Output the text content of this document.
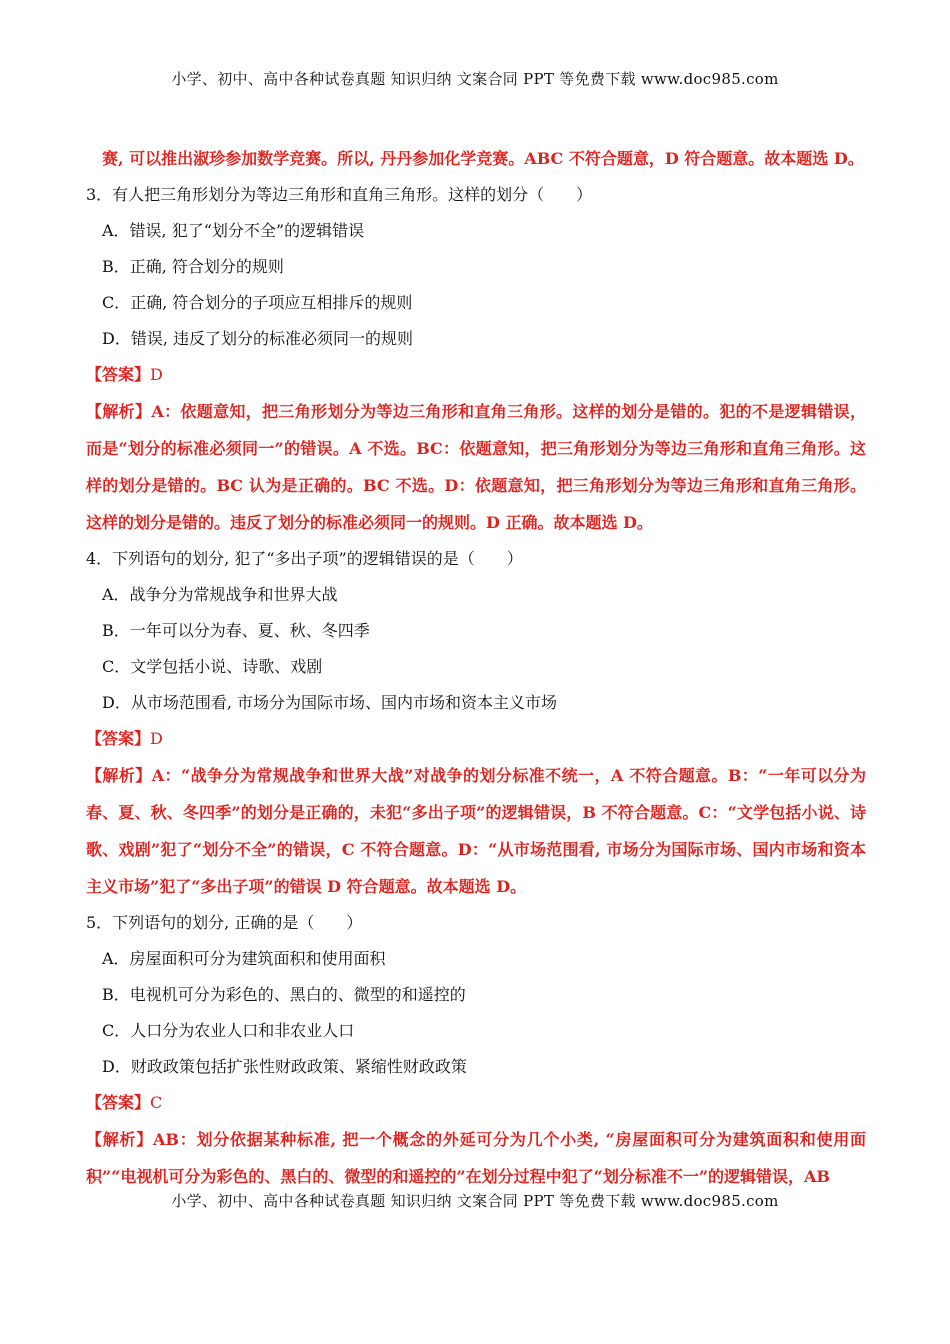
小学、初中、高中各种试卷真题 知识归纳 文案合同 PPT 等免费下载 www.doc985.com
赛, 可以推出淑珍参加数学竞赛。所以, 丹丹参加化学竞赛。ABC 不符合题意，D 符合题意。故本题选 D。
3．有人把三角形划分为等边三角形和直角三角形。这样的划分（　　）
A．错误, 犯了“划分不全”的逻辑错误
B．正确, 符合划分的规则
C．正确, 符合划分的子项应互相排斥的规则
D．错误, 违反了划分的标准必须同一的规则
【答案】D
【解析】A：依题意知，把三角形划分为等边三角形和直角三角形。这样的划分是错的。犯的不是逻辑错误，而是“划分的标准必须同一”的错误。A 不选。BC：依题意知，把三角形划分为等边三角形和直角三角形。这样的划分是错的。BC 认为是正确的。BC 不选。D：依题意知，把三角形划分为等边三角形和直角三角形。这样的划分是错的。违反了划分的标准必须同一的规则。D 正确。故本题选 D。
4．下列语句的划分, 犯了“多出子项”的逻辑错误的是（　　）
A．战争分为常规战争和世界大战
B．一年可以分为春、夏、秋、冬四季
C．文学包括小说、诗歌、戏剧
D．从市场范围看, 市场分为国际市场、国内市场和资本主义市场
【答案】D
【解析】A：“战争分为常规战争和世界大战”对战争的划分标准不统一，A 不符合题意。B：“一年可以分为春、夏、秋、冬四季”的划分是正确的，未犯“多出子项”的逻辑错误，B 不符合题意。C：“文学包括小说、诗歌、戏剧”犯了“划分不全”的错误，C 不符合题意。D：“从市场范围看, 市场分为国际市场、国内市场和资本主义市场”犯了“多出子项”的错误 D 符合题意。故本题选 D。
5．下列语句的划分, 正确的是（　　）
A．房屋面积可分为建筑面积和使用面积
B．电视机可分为彩色的、黑白的、微型的和遥控的
C．人口分为农业人口和非农业人口
D．财政政策包括扩张性财政政策、紧缩性财政政策
【答案】C
【解析】AB：划分依据某种标准, 把一个概念的外延可分为几个小类, “房屋面积可分为建筑面积和使用面积”“电视机可分为彩色的、黑白的、微型的和遥控的”在划分过程中犯了“划分标准不一”的逻辑错误，AB
小学、初中、高中各种试卷真题 知识归纳 文案合同 PPT 等免费下载 www.doc985.com
